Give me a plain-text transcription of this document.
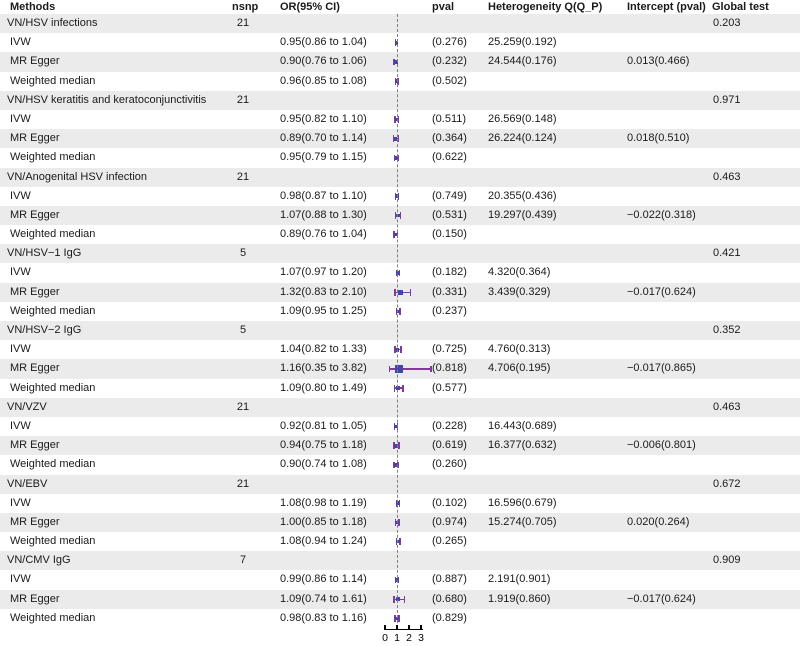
Methods	nsnp OR(95% CI)	pval	Heterogeneity Q(Q_P) Intercept (pval) Global test
VN/HSV infections	21	0.203
IVW	0.95(0.86 to 1.04)	(0.276) 25.259(0.192)
MR Egger	0.90(0.76 to 1.06)	(0.232) 24.544(0.176)	0.013(0.466)
Weighted median	0.96(0.85 to 1.08)	(0.502)
VN/HSV keratitis and keratoconjunctivitis	21	0.971
IVW	0.95(0.82 to 1.10)	(0.511) 26.569(0.148)
MR Egger	0.89(0.70 to 1.14)	(0.364) 26.224(0.124)	0.018(0.510)
Weighted median	0.95(0.79 to 1.15)	(0.622)
VN/Anogenital HSV infection	21	0.463
IVW	0.98(0.87 to 1.10)	(0.749) 20.355(0.436)
MR Egger	1.07(0.88 to 1.30)	(0.531) 19.297(0.439)	−0.022(0.318)
Weighted median	0.89(0.76 to 1.04)	(0.150)
VN/HSV−1 IgG	5	0.421
IVW	1.07(0.97 to 1.20)	(0.182) 4.320(0.364)
MR Egger	1.32(0.83 to 2.10)	(0.331) 3.439(0.329)	−0.017(0.624)
Weighted median	1.09(0.95 to 1.25)	(0.237)
VN/HSV−2 IgG	5	0.352
IVW	1.04(0.82 to 1.33)	(0.725) 4.760(0.313)
MR Egger	1.16(0.35 to 3.82)	(0.818) 4.706(0.195)	−0.017(0.865)
Weighted median	1.09(0.80 to 1.49)	(0.577)
VN/VZV	21	0.463
IVW	0.92(0.81 to 1.05)	(0.228) 16.443(0.689)
MR Egger	0.94(0.75 to 1.18)	(0.619) 16.377(0.632)	−0.006(0.801)
Weighted median	0.90(0.74 to 1.08)	(0.260)
VN/EBV	21	0.672
IVW	1.08(0.98 to 1.19)	(0.102) 16.596(0.679)
MR Egger	1.00(0.85 to 1.18)	(0.974) 15.274(0.705)	0.020(0.264)
Weighted median	1.08(0.94 to 1.24)	(0.265)
VN/CMV IgG	7	0.909
IVW	0.99(0.86 to 1.14)	(0.887) 2.191(0.901)
MR Egger	1.09(0.74 to 1.61)	(0.680) 1.919(0.860)	−0.017(0.624)
Weighted median	0.98(0.83 to 1.16)	(0.829)
0 1 2 3
